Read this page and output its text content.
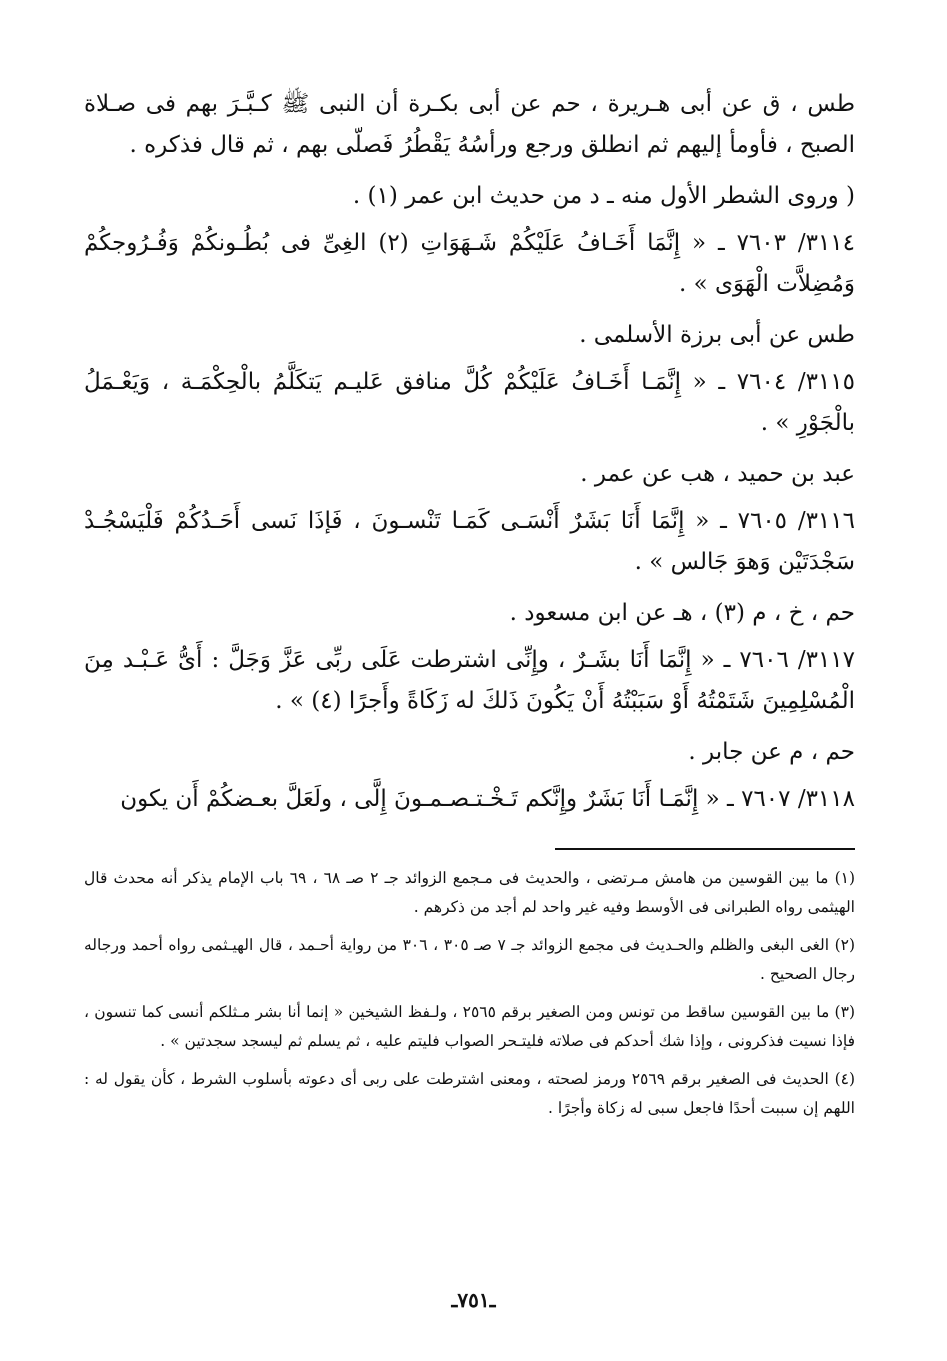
طس ، ق عن أبى هـريرة ، حم عن أبى بكـرة أن النبى ﷺ كـبَّـرَ بهم فى صـلاة الصبح ، فأومأ إليهم ثم انطلق ورجع ورأسُهُ يَقْطُرُ فَصلّى بهم ، ثم قال فذكره .

( وروى الشطر الأول منه ـ د من حديث ابن عمر (١) .

٣١١٤/ ٧٦٠٣ ـ « إِنَّمَا أَخَـافُ عَلَيْكُمْ شَـهَوَاتِ (٢) الغِىِّ فى بُطُـونكُمْ وَفُـرُوجكُمْ وَمُضِلاَّت الْهَوَى » .

طس عن أبى برزة الأسلمى .

٣١١٥/ ٧٦٠٤ ـ « إِنَّمَـا أَخَـافُ عَلَيْكُمْ كُلَّ منافق عَليـم يَتكَلَّمُ بالْحِكْمَـة ، وَيَعْـمَلُ بالْجَوْرِ » .

عبد بن حميد ، هب عن عمر .

٣١١٦/ ٧٦٠٥ ـ « إِنَّمَا أَنَا بَشَرٌ أَنْسَـى كَمَـا تَنْسـونَ ، فَإذَا نَسى أَحَـدُكُمْ فَلْيَسْجُـدْ سَجْدَتَيْن وَهوَ جَالس » .

حم ، خ ، م (٣) ، هـ عن ابن مسعود .

٣١١٧/ ٧٦٠٦ ـ « إِنَّمَا أَنَا بشَـرٌ ، وإِنِّى اشترطت عَلَى ربِّى عَزَّ وَجَلَّ : أَىُّ عَـبْـد مِنَ الْمُسْلِمِينَ شَتَمْتُهُ أَوْ سَبَبْتُهُ أَنْ يَكُونَ ذَلكَ له زَكَاةً وأَجرًا (٤) » .

حم ، م عن جابر .

٣١١٨/ ٧٦٠٧ ـ « إِنَّمَـا أَنَا بَشَرٌ وإِنَّكم تَـخْـتـصـمـونَ إِلَّى ، ولَعَلَّ بعـضكُمْ أَن يكون

(١) ما بين القوسين من هامش مـرتضى ، والحديث فى مـجمع الزوائد جـ ٢ صـ ٦٨ ، ٦٩ باب الإمام يذكر أنه محدث قال الهيثمى رواه الطبرانى فى الأوسط وفيه غير واحد لم أجد من ذكرهم .

(٢) الغى البغى والظلم والحـديث فى مجمع الزوائد جـ ٧ صـ ٣٠٥ ، ٣٠٦ من رواية أحـمد ، قال الهيـثمى رواه أحمد ورجاله رجال الصحيح .

(٣) ما بين القوسين ساقط من تونس ومن الصغير برقم ٢٥٦٥ ، ولـفظ الشيخين « إنما أنا بشر مـثلكم أنسى كما تنسون ، فإذا نسيت فذكرونى ، وإذا شك أحدكم فى صلاته فليتـحر الصواب فليتم عليه ، ثم يسلم ثم ليسجد سجدتين » .

(٤) الحديث فى الصغير برقم ٢٥٦٩ ورمز لصحته ، ومعنى اشترطت على ربى أى دعوته بأسلوب الشرط ، كأن يقول له : اللهم إن سببت أحدًا فاجعل سبى له زكاة وأجرًا .

ـ٧٥١ـ
